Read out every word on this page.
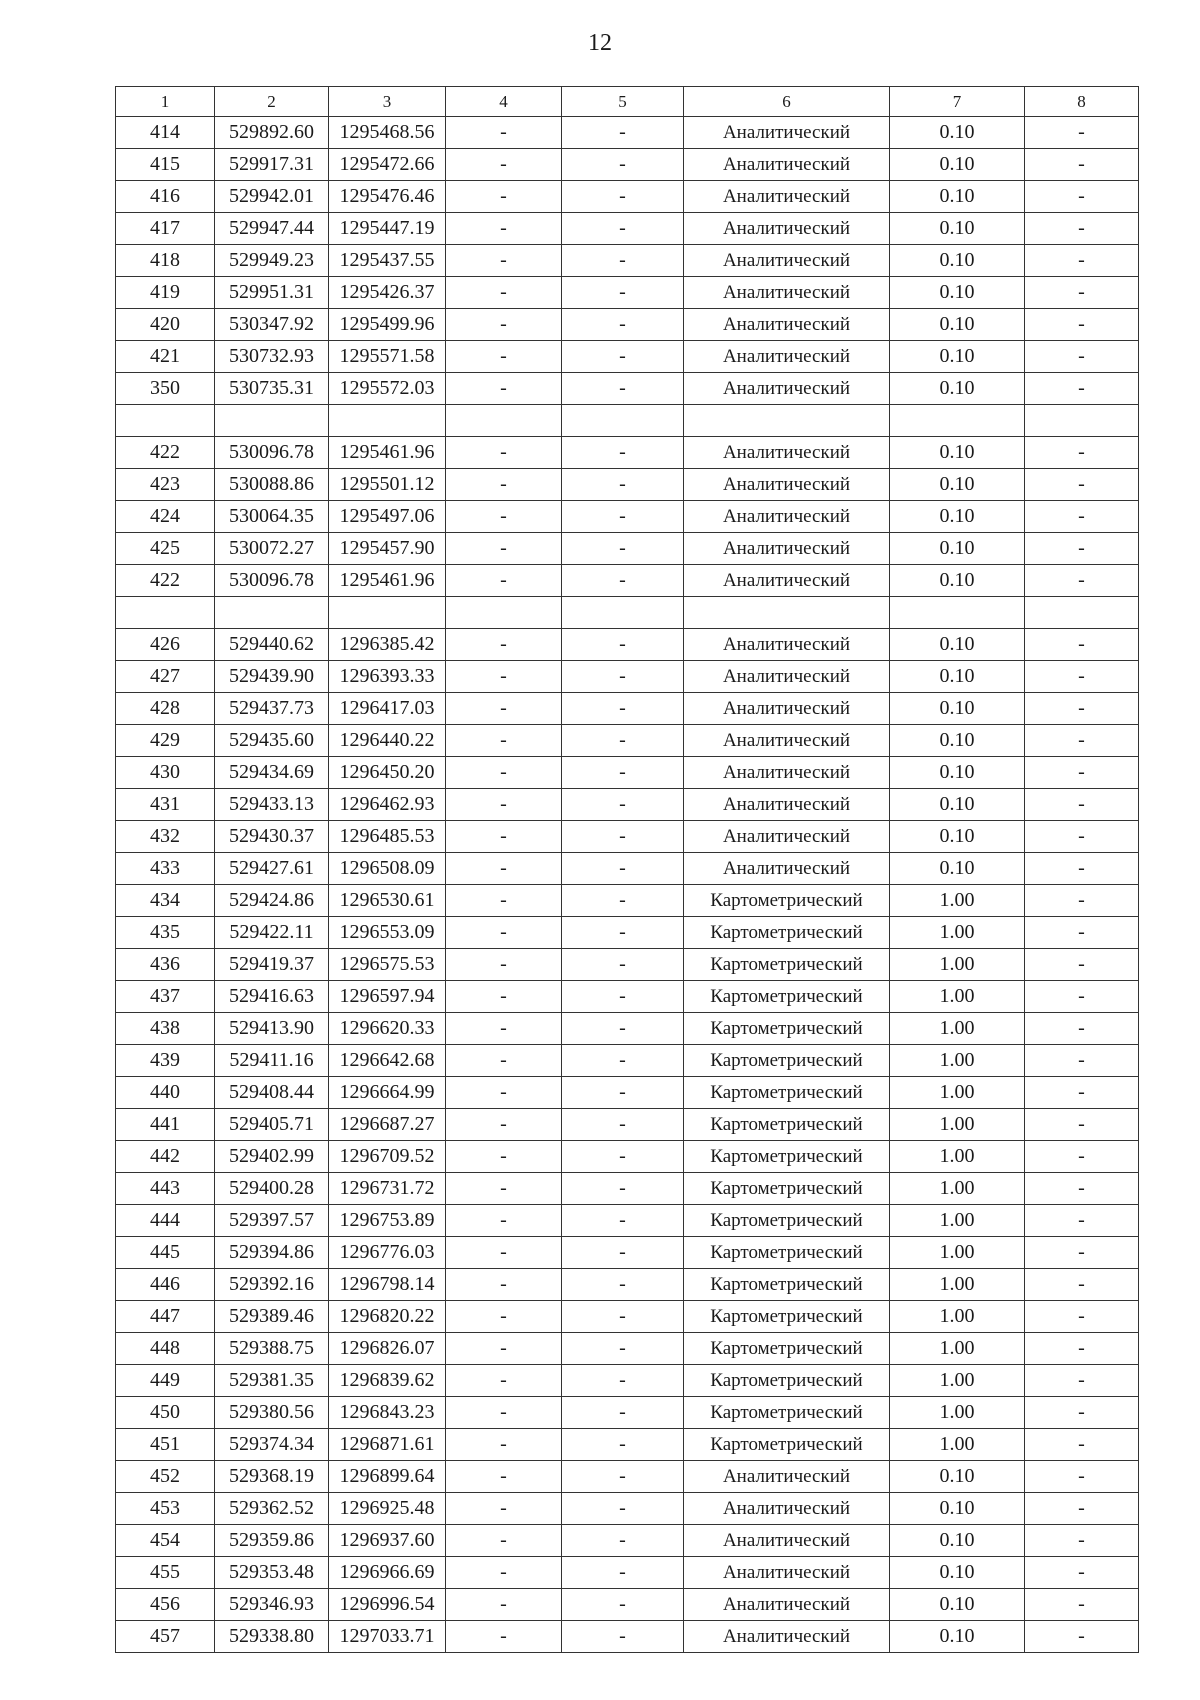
12
1	2	3	4	5	6	7	8
414	529892.60	1295468.56	-	-	Аналитический	0.10	-
415	529917.31	1295472.66	-	-	Аналитический	0.10	-
416	529942.01	1295476.46	-	-	Аналитический	0.10	-
417	529947.44	1295447.19	-	-	Аналитический	0.10	-
418	529949.23	1295437.55	-	-	Аналитический	0.10	-
419	529951.31	1295426.37	-	-	Аналитический	0.10	-
420	530347.92	1295499.96	-	-	Аналитический	0.10	-
421	530732.93	1295571.58	-	-	Аналитический	0.10	-
350	530735.31	1295572.03	-	-	Аналитический	0.10	-

422	530096.78	1295461.96	-	-	Аналитический	0.10	-
423	530088.86	1295501.12	-	-	Аналитический	0.10	-
424	530064.35	1295497.06	-	-	Аналитический	0.10	-
425	530072.27	1295457.90	-	-	Аналитический	0.10	-
422	530096.78	1295461.96	-	-	Аналитический	0.10	-

426	529440.62	1296385.42	-	-	Аналитический	0.10	-
427	529439.90	1296393.33	-	-	Аналитический	0.10	-
428	529437.73	1296417.03	-	-	Аналитический	0.10	-
429	529435.60	1296440.22	-	-	Аналитический	0.10	-
430	529434.69	1296450.20	-	-	Аналитический	0.10	-
431	529433.13	1296462.93	-	-	Аналитический	0.10	-
432	529430.37	1296485.53	-	-	Аналитический	0.10	-
433	529427.61	1296508.09	-	-	Аналитический	0.10	-
434	529424.86	1296530.61	-	-	Картометрический	1.00	-
435	529422.11	1296553.09	-	-	Картометрический	1.00	-
436	529419.37	1296575.53	-	-	Картометрический	1.00	-
437	529416.63	1296597.94	-	-	Картометрический	1.00	-
438	529413.90	1296620.33	-	-	Картометрический	1.00	-
439	529411.16	1296642.68	-	-	Картометрический	1.00	-
440	529408.44	1296664.99	-	-	Картометрический	1.00	-
441	529405.71	1296687.27	-	-	Картометрический	1.00	-
442	529402.99	1296709.52	-	-	Картометрический	1.00	-
443	529400.28	1296731.72	-	-	Картометрический	1.00	-
444	529397.57	1296753.89	-	-	Картометрический	1.00	-
445	529394.86	1296776.03	-	-	Картометрический	1.00	-
446	529392.16	1296798.14	-	-	Картометрический	1.00	-
447	529389.46	1296820.22	-	-	Картометрический	1.00	-
448	529388.75	1296826.07	-	-	Картометрический	1.00	-
449	529381.35	1296839.62	-	-	Картометрический	1.00	-
450	529380.56	1296843.23	-	-	Картометрический	1.00	-
451	529374.34	1296871.61	-	-	Картометрический	1.00	-
452	529368.19	1296899.64	-	-	Аналитический	0.10	-
453	529362.52	1296925.48	-	-	Аналитический	0.10	-
454	529359.86	1296937.60	-	-	Аналитический	0.10	-
455	529353.48	1296966.69	-	-	Аналитический	0.10	-
456	529346.93	1296996.54	-	-	Аналитический	0.10	-
457	529338.80	1297033.71	-	-	Аналитический	0.10	-
